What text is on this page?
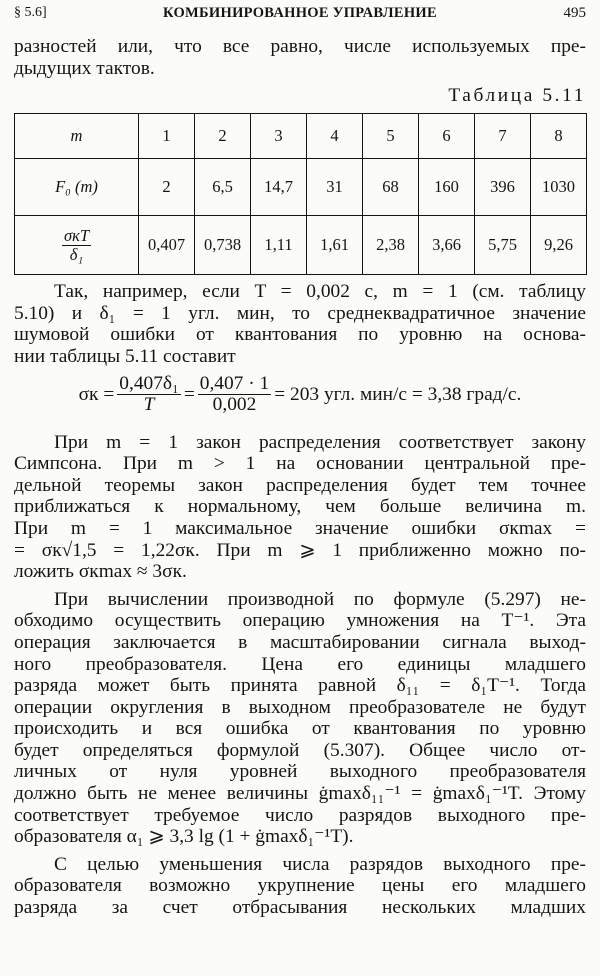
§ 5.6]	КОМБИНИРОВАННОЕ УПРАВЛЕНИЕ	495
разностей или, что все равно, числе используемых пре-
дыдущих тактов.
Таблица 5.11
m	1	2	3	4	5	6	7	8
F₀ (m)	2	6,5	14,7	31	68	160	396	1030

$\frac{\text{σкT}}{\text{δ₁}}$	0,407	0,738	1,11	1,61	2,38	3,66	5,75	9,26
Так, например, если T = 0,002 с, m = 1 (см. таблицу
5.10) и δ₁ = 1 угл. мин, то среднеквадратичное значение
шумовой ошибки от квантования по уровню на основа-
нии таблицы 5.11 составит
$\sigma к = \frac{\text{0,407δ₁}}{T} = \frac{0,407 \cdot 1}{0,002} = 203$ угл. мин/с = 3,38 град/с.
При m = 1 закон распределения соответствует закону
Симпсона. При m > 1 на основании центральной пре-
дельной теоремы закон распределения будет тем точнее
приближаться к нормальному, чем больше величина m.
При m = 1 максимальное значение ошибки σкmax =
= σк√1,5 = 1,22σк. При m ⩾ 1 приближенно можно по-
ложить σкmax ≈ 3σк.
При вычислении производной по формуле (5.297) не-
обходимо осуществить операцию умножения на T⁻¹. Эта
операция заключается в масштабировании сигнала выход-
ного преобразователя. Цена его единицы младшего
разряда может быть принята равной δ₁₁ = δ₁T⁻¹. Тогда
операции округления в выходном преобразователе не будут
происходить и вся ошибка от квантования по уровню
будет определяться формулой (5.307). Общее число от-
личных от нуля уровней выходного преобразователя
должно быть не менее величины ġmaxδ₁₁⁻¹ = ġmaxδ₁⁻¹T. Этому
соответствует требуемое число разрядов выходного пре-
образователя α₁ ⩾ 3,3 lg (1 + ġmaxδ₁⁻¹T).
С целью уменьшения числа разрядов выходного пре-
образователя возможно укрупнение цены его младшего
разряда за счет отбрасывания нескольких младших
